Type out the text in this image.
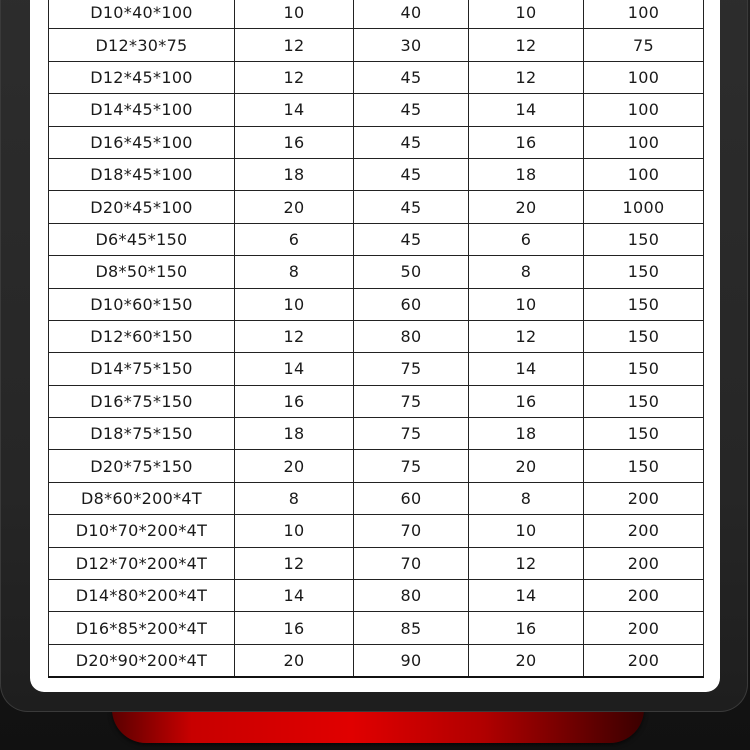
D10*40*100	10	40	10	100
D12*30*75	12	30	12	75
D12*45*100	12	45	12	100
D14*45*100	14	45	14	100
D16*45*100	16	45	16	100
D18*45*100	18	45	18	100
D20*45*100	20	45	20	1000
D6*45*150	6	45	6	150
D8*50*150	8	50	8	150
D10*60*150	10	60	10	150
D12*60*150	12	80	12	150
D14*75*150	14	75	14	150
D16*75*150	16	75	16	150
D18*75*150	18	75	18	150
D20*75*150	20	75	20	150
D8*60*200*4T	8	60	8	200
D10*70*200*4T	10	70	10	200
D12*70*200*4T	12	70	12	200
D14*80*200*4T	14	80	14	200
D16*85*200*4T	16	85	16	200
D20*90*200*4T	20	90	20	200
